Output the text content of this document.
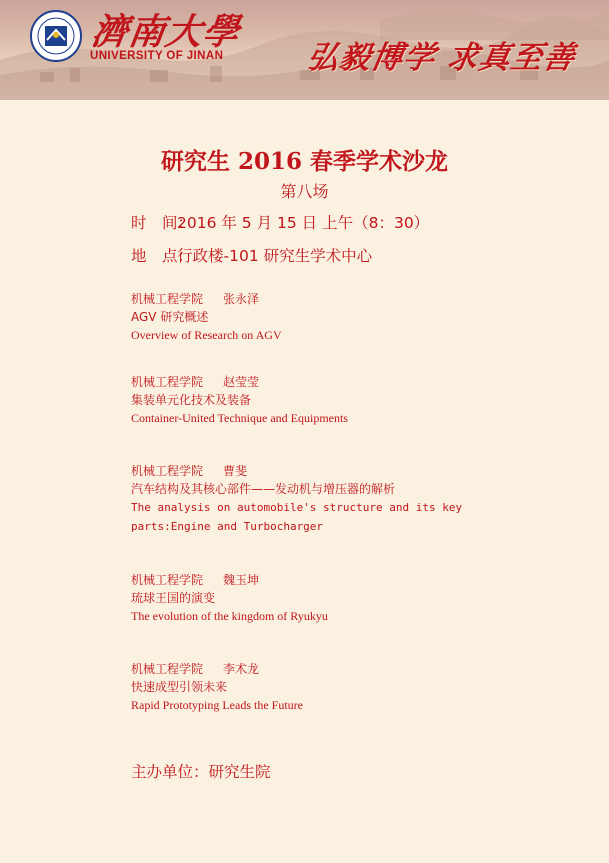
濟南大學
UNIVERSITY OF JINAN	弘毅博学 求真至善
研究生 2016 春季学术沙龙
第八场
时　间：2016 年 5 月 15 日 上午（8：30）
地　点：行政楼-101 研究生学术中心
机械工程学院 张永泽
AGV 研究概述
Overview of Research on AGV
机械工程学院 赵莹莹
集装单元化技术及装备
Container-United Technique and Equipments
机械工程学院 曹斐
汽车结构及其核心部件——发动机与增压器的解析
The analysis on automobile's structure and its key parts:Engine and Turbocharger
机械工程学院 魏玉坤
琉球王国的演变
The evolution of the kingdom of Ryukyu
机械工程学院 李术龙
快速成型引领未来
Rapid Prototyping Leads the Future
主办单位：研究生院
